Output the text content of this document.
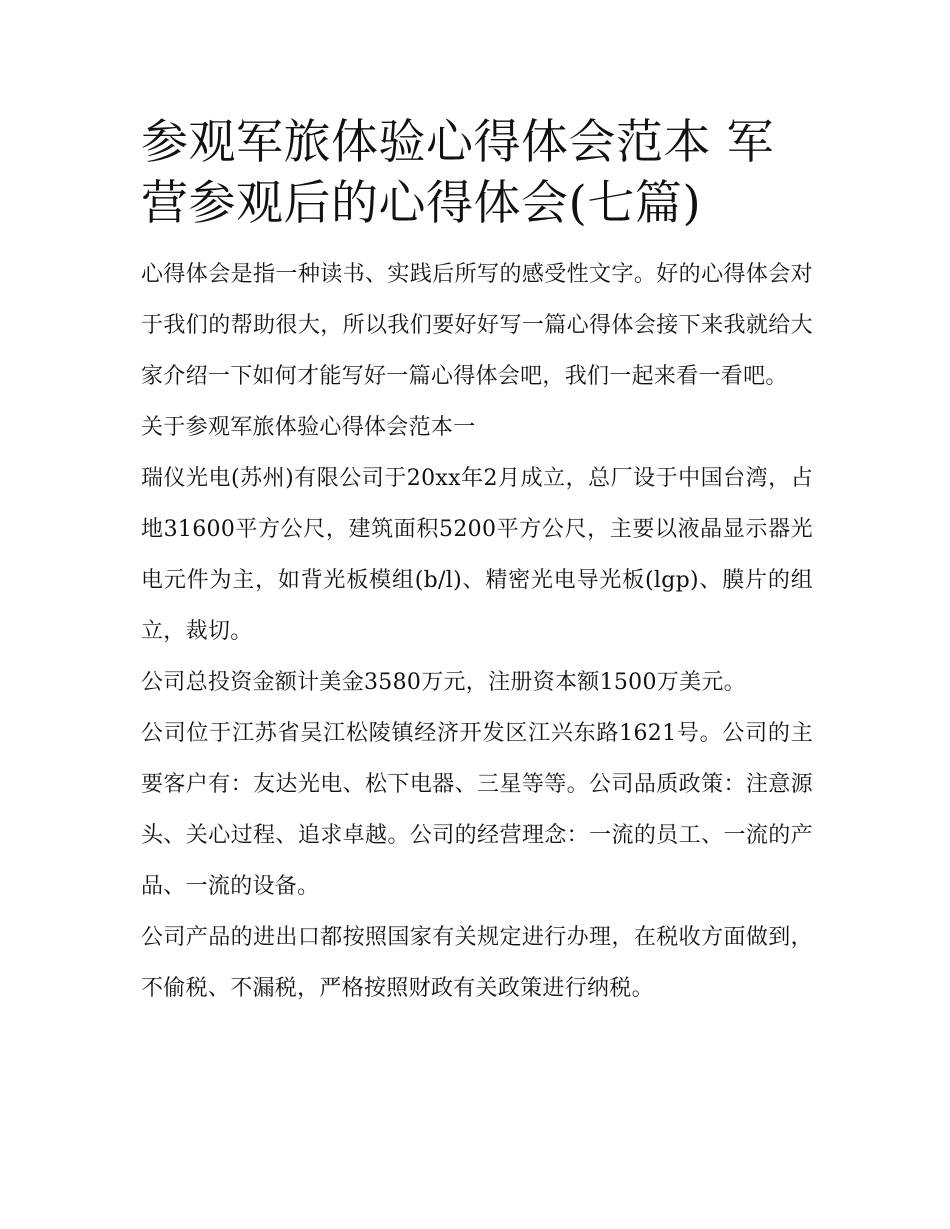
参观军旅体验心得体会范本 军营参观后的心得体会(七篇)

心得体会是指一种读书、实践后所写的感受性文字。好的心得体会对于我们的帮助很大，所以我们要好好写一篇心得体会接下来我就给大家介绍一下如何才能写好一篇心得体会吧，我们一起来看一看吧。

关于参观军旅体验心得体会范本一

瑞仪光电(苏州)有限公司于20xx年2月成立，总厂设于中国台湾，占地31600平方公尺，建筑面积5200平方公尺，主要以液晶显示器光电元件为主，如背光板模组(b/l)、精密光电导光板(lgp)、膜片的组立，裁切。

公司总投资金额计美金3580万元，注册资本额1500万美元。

公司位于江苏省吴江松陵镇经济开发区江兴东路1621号。公司的主要客户有：友达光电、松下电器、三星等等。公司品质政策：注意源头、关心过程、追求卓越。公司的经营理念：一流的员工、一流的产品、一流的设备。

公司产品的进出口都按照国家有关规定进行办理，在税收方面做到，不偷税、不漏税，严格按照财政有关政策进行纳税。
